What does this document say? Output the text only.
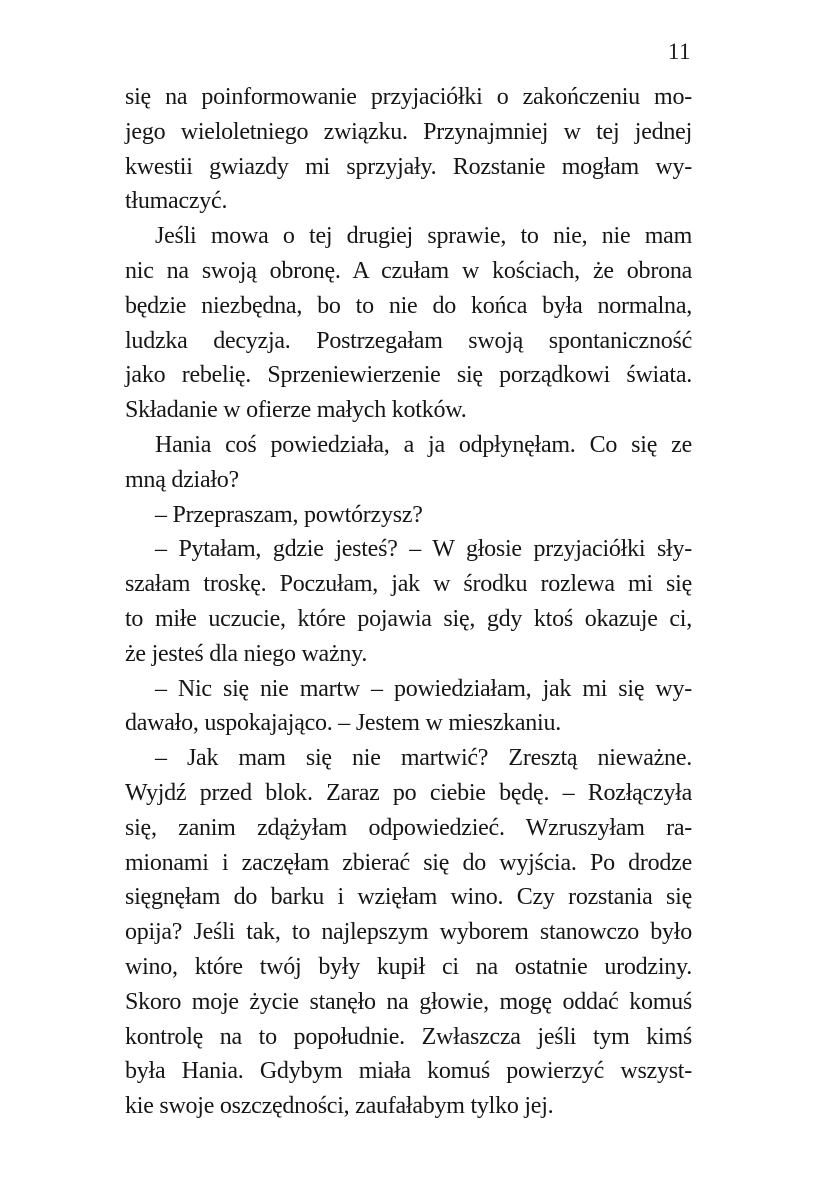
11
się na poinformowanie przyjaciółki o zakończeniu mo-
jego wieloletniego związku. Przynajmniej w tej jednej
kwestii gwiazdy mi sprzyjały. Rozstanie mogłam wy-
tłumaczyć.
Jeśli mowa o tej drugiej sprawie, to nie, nie mam
nic na swoją obronę. A czułam w kościach, że obrona
będzie niezbędna, bo to nie do końca była normalna,
ludzka decyzja. Postrzegałam swoją spontaniczność
jako rebelię. Sprzeniewierzenie się porządkowi świata.
Składanie w ofierze małych kotków.
Hania coś powiedziała, a ja odpłynęłam. Co się ze
mną działo?
– Przepraszam, powtórzysz?
– Pytałam, gdzie jesteś? – W głosie przyjaciółki sły-
szałam troskę. Poczułam, jak w środku rozlewa mi się
to miłe uczucie, które pojawia się, gdy ktoś okazuje ci,
że jesteś dla niego ważny.
– Nic się nie martw – powiedziałam, jak mi się wy-
dawało, uspokajająco. – Jestem w mieszkaniu.
– Jak mam się nie martwić? Zresztą nieważne.
Wyjdź przed blok. Zaraz po ciebie będę. – Rozłączyła
się, zanim zdążyłam odpowiedzieć. Wzruszyłam ra-
mionami i zaczęłam zbierać się do wyjścia. Po drodze
sięgnęłam do barku i wzięłam wino. Czy rozstania się
opija? Jeśli tak, to najlepszym wyborem stanowczo było
wino, które twój były kupił ci na ostatnie urodziny.
Skoro moje życie stanęło na głowie, mogę oddać komuś
kontrolę na to popołudnie. Zwłaszcza jeśli tym kimś
była Hania. Gdybym miała komuś powierzyć wszyst-
kie swoje oszczędności, zaufałabym tylko jej.
